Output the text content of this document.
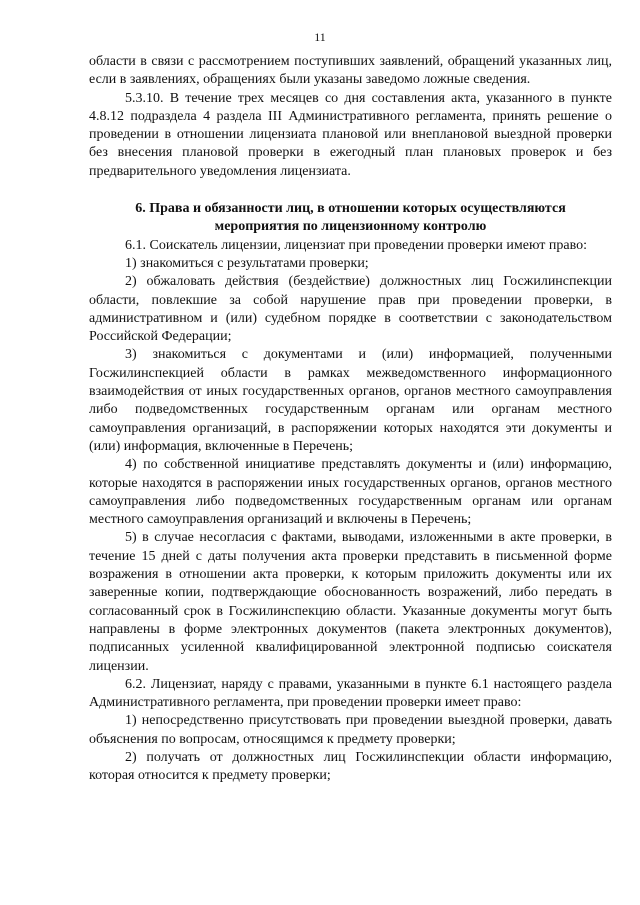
11

области в связи с рассмотрением поступивших заявлений, обращений указанных лиц, если в заявлениях, обращениях были указаны заведомо ложные сведения.

5.3.10. В течение трех месяцев со дня составления акта, указанного в пункте 4.8.12 подраздела 4 раздела III Административного регламента, принять решение о проведении в отношении лицензиата плановой или внеплановой выездной проверки без внесения плановой проверки в ежегодный план плановых проверок и без предварительного уведомления лицензиата.

6. Права и обязанности лиц, в отношении которых осуществляются мероприятия по лицензионному контролю

6.1. Соискатель лицензии, лицензиат при проведении проверки имеют право:

1) знакомиться с результатами проверки;

2) обжаловать действия (бездействие) должностных лиц Госжилинспекции области, повлекшие за собой нарушение прав при проведении проверки, в административном и (или) судебном порядке в соответствии с законодательством Российской Федерации;

3) знакомиться с документами и (или) информацией, полученными Госжилинспекцией области в рамках межведомственного информационного взаимодействия от иных государственных органов, органов местного самоуправления либо подведомственных государственным органам или органам местного самоуправления организаций, в распоряжении которых находятся эти документы и (или) информация, включенные в Перечень;

4) по собственной инициативе представлять документы и (или) информацию, которые находятся в распоряжении иных государственных органов, органов местного самоуправления либо подведомственных государственным органам или органам местного самоуправления организаций и включены в Перечень;

5) в случае несогласия с фактами, выводами, изложенными в акте проверки, в течение 15 дней с даты получения акта проверки представить в письменной форме возражения в отношении акта проверки, к которым приложить документы или их заверенные копии, подтверждающие обоснованность возражений, либо передать в согласованный срок в Госжилинспекцию области. Указанные документы могут быть направлены в форме электронных документов (пакета электронных документов), подписанных усиленной квалифицированной электронной подписью соискателя лицензии.

6.2. Лицензиат, наряду с правами, указанными в пункте 6.1 настоящего раздела Административного регламента, при проведении проверки имеет право:

1) непосредственно присутствовать при проведении выездной проверки, давать объяснения по вопросам, относящимся к предмету проверки;

2) получать от должностных лиц Госжилинспекции области информацию, которая относится к предмету проверки;
